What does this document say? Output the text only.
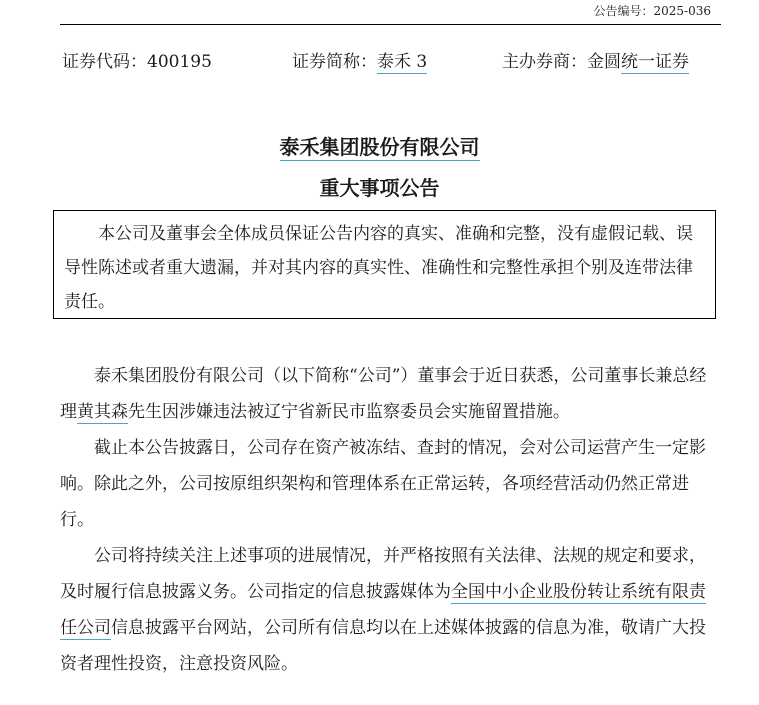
公告编号：2025-036
证券代码：400195	证券简称：泰禾 3	主办券商：金圆统一证券
泰禾集团股份有限公司
重大事项公告
本公司及董事会全体成员保证公告内容的真实、准确和完整，没有虚假记载、误导性陈述或者重大遗漏，并对其内容的真实性、准确性和完整性承担个别及连带法律责任。

泰禾集团股份有限公司（以下简称“公司”）董事会于近日获悉，公司董事长兼总经理黄其森先生因涉嫌违法被辽宁省新民市监察委员会实施留置措施。

截止本公告披露日，公司存在资产被冻结、查封的情况，会对公司运营产生一定影响。除此之外，公司按原组织架构和管理体系在正常运转，各项经营活动仍然正常进行。

公司将持续关注上述事项的进展情况，并严格按照有关法律、法规的规定和要求，及时履行信息披露义务。公司指定的信息披露媒体为全国中小企业股份转让系统有限责任公司信息披露平台网站，公司所有信息均以在上述媒体披露的信息为准，敬请广大投资者理性投资，注意投资风险。
